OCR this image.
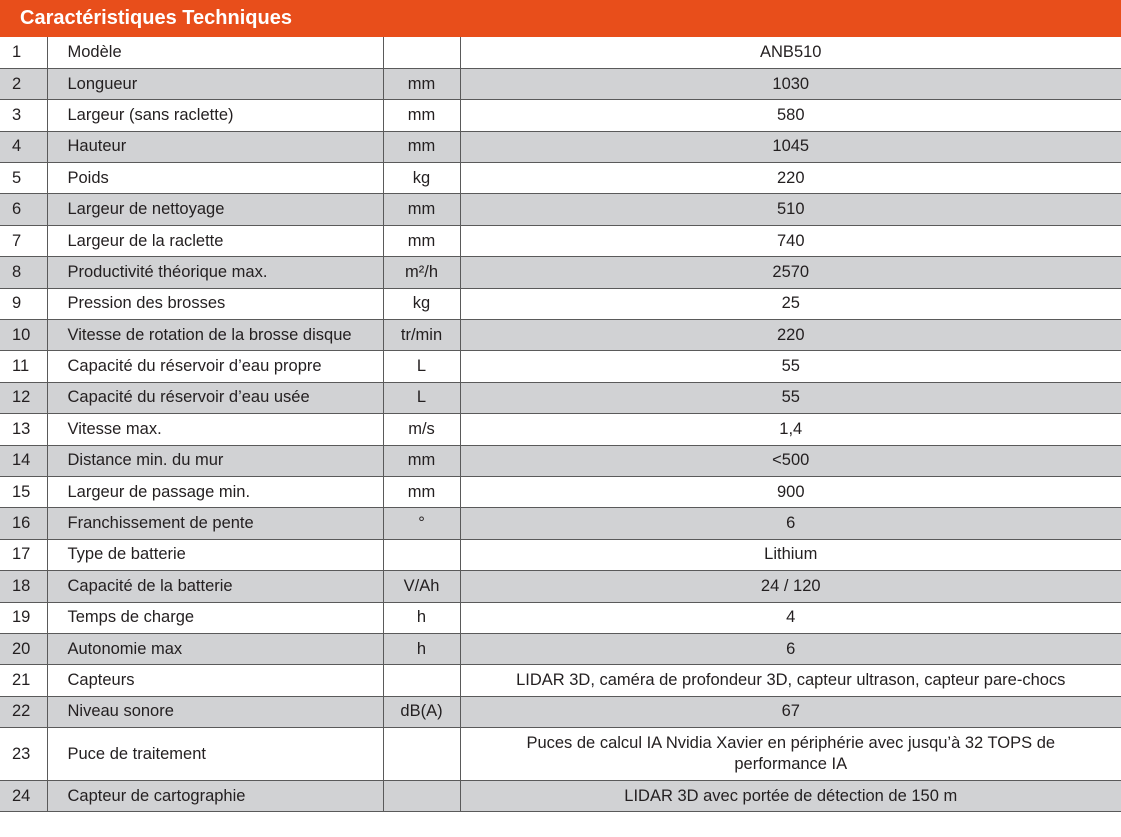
Caractéristiques Techniques
1	Modèle		ANB510
2	Longueur	mm	1030
3	Largeur (sans raclette)	mm	580
4	Hauteur	mm	1045
5	Poids	kg	220
6	Largeur de nettoyage	mm	510
7	Largeur de la raclette	mm	740
8	Productivité théorique max.	m²/h	2570
9	Pression des brosses	kg	25
10	Vitesse de rotation de la brosse disque	tr/min	220
11	Capacité du réservoir d’eau propre	L	55
12	Capacité du réservoir d’eau usée	L	55
13	Vitesse max.	m/s	1,4
14	Distance min. du mur	mm	<500
15	Largeur de passage min.	mm	900
16	Franchissement de pente	°	6
17	Type de batterie		Lithium
18	Capacité de la batterie	V/Ah	24 / 120
19	Temps de charge	h	4
20	Autonomie max	h	6
21	Capteurs		LIDAR 3D, caméra de profondeur 3D, capteur ultrason, capteur pare-chocs
22	Niveau sonore	dB(A)	67
23	Puce de traitement		Puces de calcul IA Nvidia Xavier en périphérie avec jusqu’à 32 TOPS de performance IA
24	Capteur de cartographie		LIDAR 3D avec portée de détection de 150 m
